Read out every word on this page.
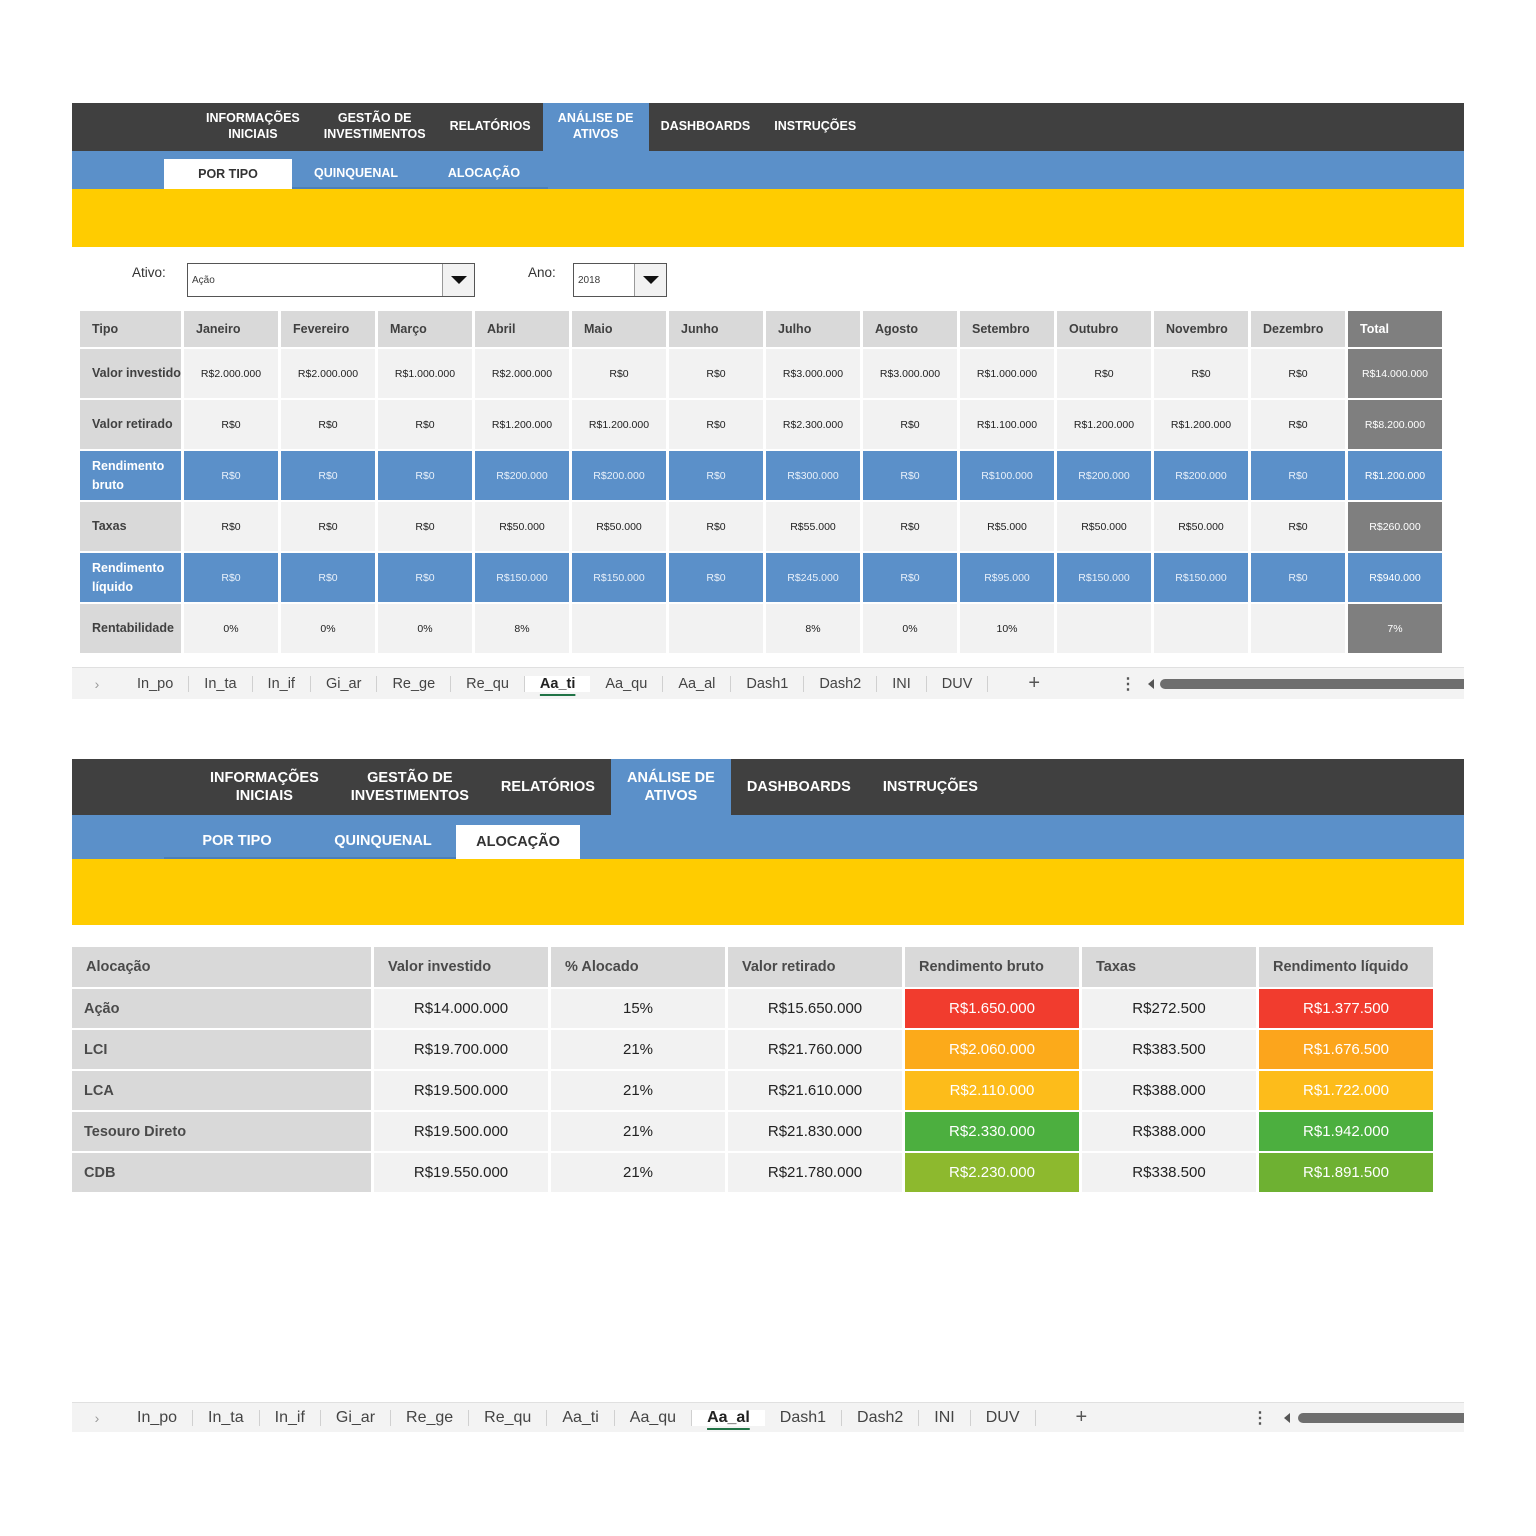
INFORMAÇÕES
INICIAIS
GESTÃO DE
INVESTIMENTOS
RELATÓRIOS
ANÁLISE DE
ATIVOS
DASHBOARDS	INSTRUÇÕES
POR TIPO	QUINQUENAL	ALOCAÇÃO
Ativo:	Ação	Ano: 2018
Tipo	Janeiro	Fevereiro	Março	Abril	Maio	Junho	Julho	Agosto	Setembro	Outubro	Novembro	Dezembro	Total
Valor investido	R$2.000.000	R$2.000.000	R$1.000.000	R$2.000.000	R$0	R$0	R$3.000.000	R$3.000.000	R$1.000.000	R$0	R$0	R$0	R$14.000.000
Valor retirado	R$0	R$0	R$0	R$1.200.000	R$1.200.000	R$0	R$2.300.000	R$0	R$1.100.000	R$1.200.000	R$1.200.000	R$0	R$8.200.000
Rendimento bruto	R$0	R$0	R$0	R$200.000	R$200.000	R$0	R$300.000	R$0	R$100.000	R$200.000	R$200.000	R$0	R$1.200.000
Taxas	R$0	R$0	R$0	R$50.000	R$50.000	R$0	R$55.000	R$0	R$5.000	R$50.000	R$50.000	R$0	R$260.000
Rendimento líquido	R$0	R$0	R$0	R$150.000	R$150.000	R$0	R$245.000	R$0	R$95.000	R$150.000	R$150.000	R$0	R$940.000
Rentabilidade	0%	0%	0%	8%			8%	0%	10%				7%
›	In_po	In_ta	In_if	Gi_ar	Re_ge	Re_qu	Aa_ti	Aa_qu	Aa_al	Dash1	Dash2	INI	DUV	+	⋮
INFORMAÇÕES
INICIAIS
GESTÃO DE
INVESTIMENTOS
RELATÓRIOS
ANÁLISE DE
ATIVOS
DASHBOARDS	INSTRUÇÕES
POR TIPO	QUINQUENAL	ALOCAÇÃO
Alocação	Valor investido	% Alocado	Valor retirado	Rendimento bruto	Taxas	Rendimento líquido
Ação	R$14.000.000	15%	R$15.650.000	R$1.650.000	R$272.500	R$1.377.500
LCI	R$19.700.000	21%	R$21.760.000	R$2.060.000	R$383.500	R$1.676.500
LCA	R$19.500.000	21%	R$21.610.000	R$2.110.000	R$388.000	R$1.722.000
Tesouro Direto	R$19.500.000	21%	R$21.830.000	R$2.330.000	R$388.000	R$1.942.000
CDB	R$19.550.000	21%	R$21.780.000	R$2.230.000	R$338.500	R$1.891.500
›	In_po	In_ta	In_if	Gi_ar	Re_ge	Re_qu	Aa_ti	Aa_qu	Aa_al	Dash1	Dash2	INI	DUV	+	⋮
